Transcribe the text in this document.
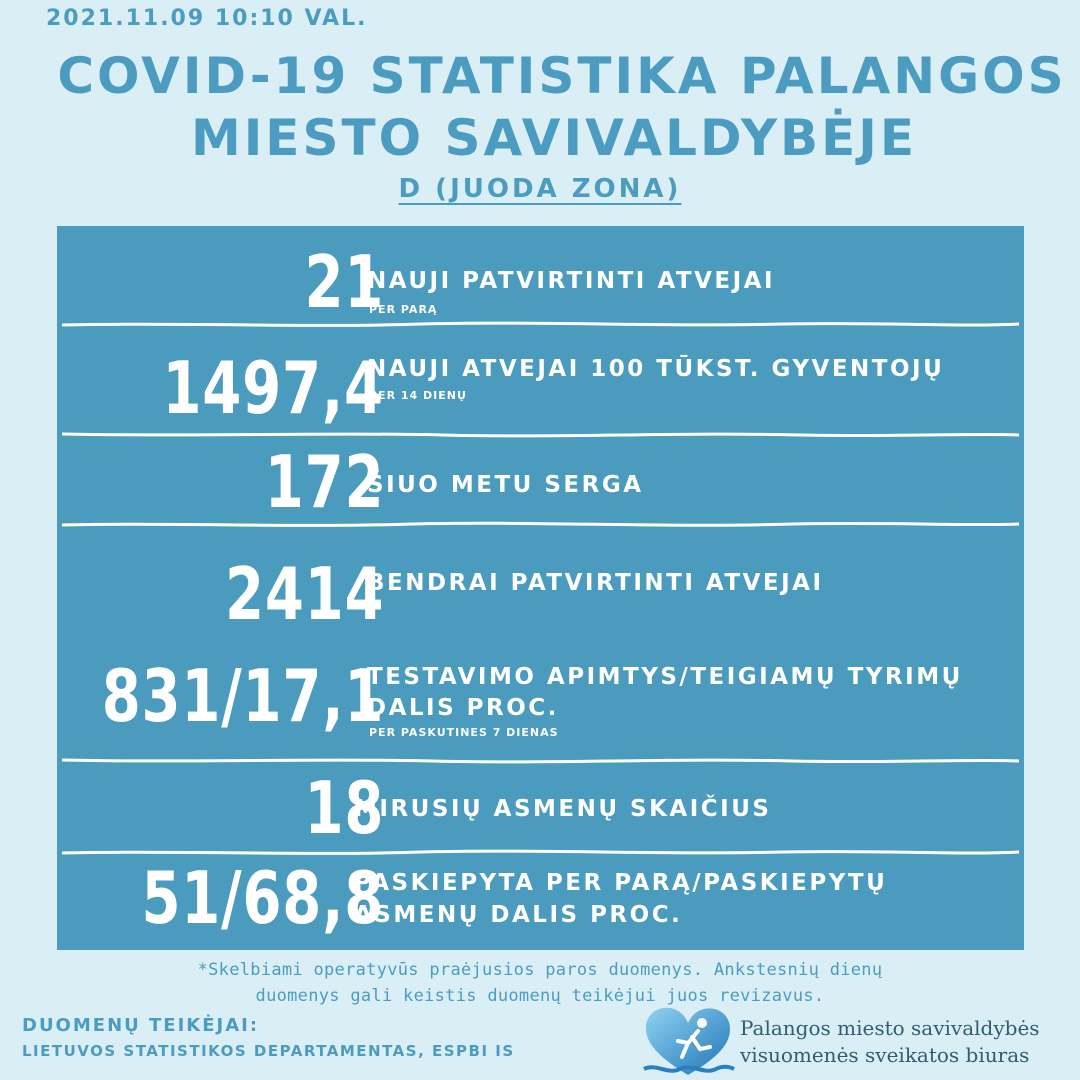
2021.11.09 10:10 VAL.
COVID-19 STATISTIKA PALANGOS
MIESTO SAVIVALDYBĖJE
D (JUODA ZONA)
21
NAUJI PATVIRTINTI ATVEJAI
PER PARĄ
1497,4
NAUJI ATVEJAI 100 TŪKST. GYVENTOJŲ
PER 14 DIENŲ
172
ŠIUO METU SERGA
2414
BENDRAI PATVIRTINTI ATVEJAI
831/17,1
TESTAVIMO APIMTYS/TEIGIAMŲ TYRIMŲ
DALIS PROC.
PER PASKUTINES 7 DIENAS
18
MIRUSIŲ ASMENŲ SKAIČIUS
51/68,8
PASKIEPYTA PER PARĄ/PASKIEPYTŲ
ASMENŲ DALIS PROC.
*Skelbiami operatyvūs praėjusios paros duomenys. Ankstesnių dienų
duomenys gali keistis duomenų teikėjui juos revizavus.
DUOMENŲ TEIKĖJAI:
LIETUVOS STATISTIKOS DEPARTAMENTAS, ESPBI IS
Palangos miesto savivaldybės
visuomenės sveikatos biuras
